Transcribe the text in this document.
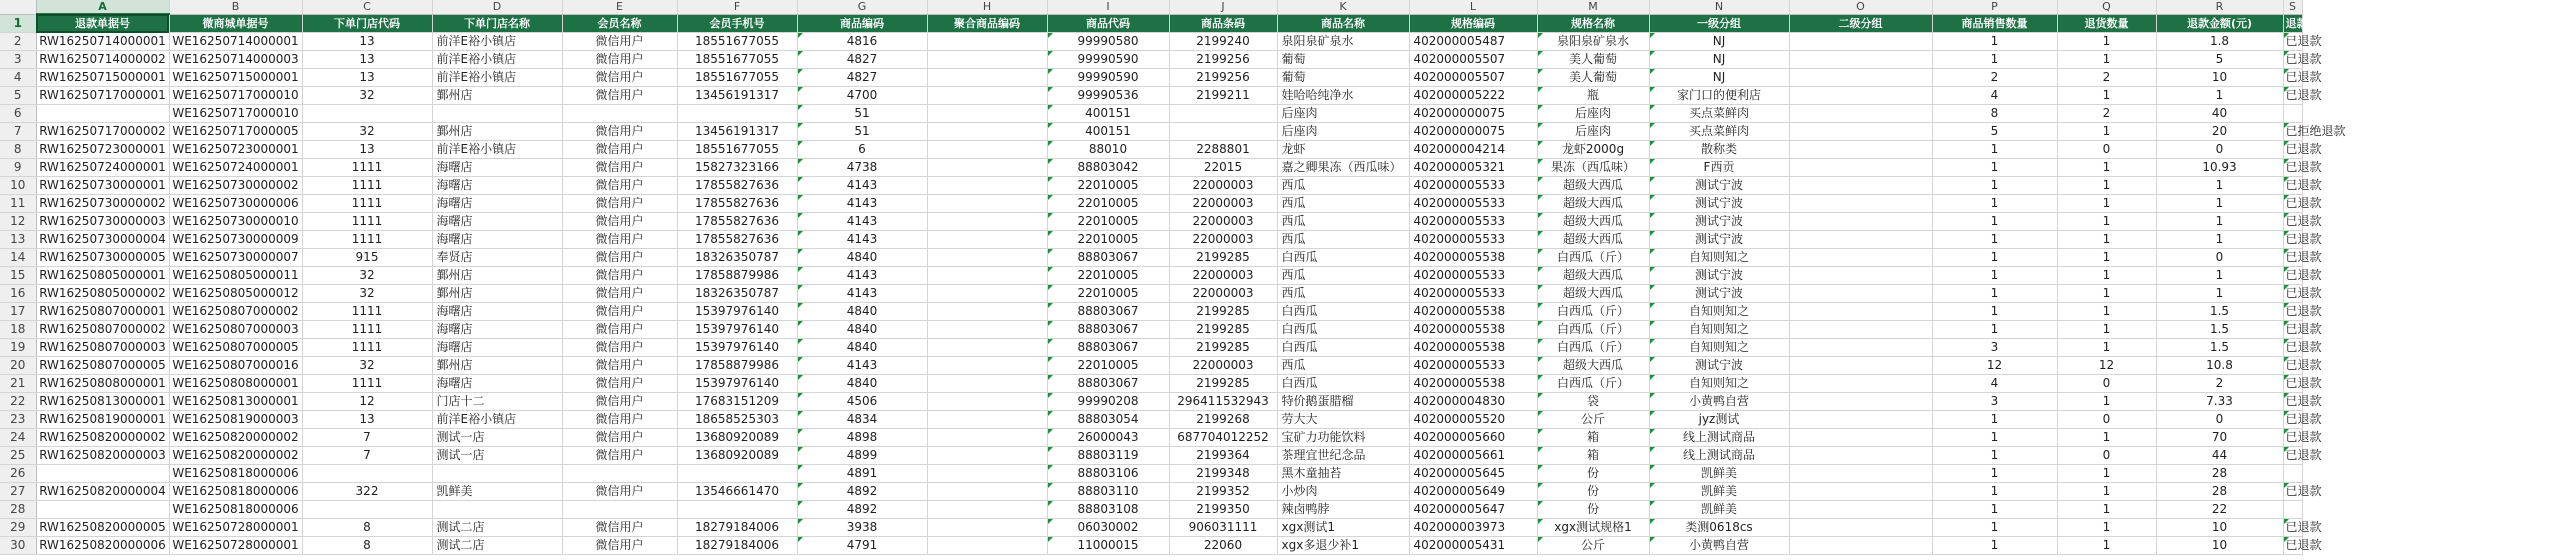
	A	B	C	D	E	F	G	H	I	J	K	L	M	N	O	P	Q	R	S
1	退款单据号	微商城单据号	下单门店代码	下单门店名称	会员名称	会员手机号	商品编码	聚合商品编码	商品代码	商品条码	商品名称	规格编码	规格名称	一级分组	二级分组	商品销售数量	退货数量	退款金额(元)	退款状
2	RW16250714000001	WE16250714000001	13	前洋E裕小镇店	微信用户	18551677055	4816		99990580	2199240	泉阳泉矿泉水	402000005487	泉阳泉矿泉水	NJ		1	1	1.8	已退款
3	RW16250714000002	WE16250714000003	13	前洋E裕小镇店	微信用户	18551677055	4827		99990590	2199256	葡萄	402000005507	美人葡萄	NJ		1	1	5	已退款
4	RW16250715000001	WE16250715000001	13	前洋E裕小镇店	微信用户	18551677055	4827		99990590	2199256	葡萄	402000005507	美人葡萄	NJ		2	2	10	已退款
5	RW16250717000001	WE16250717000010	32	鄞州店	微信用户	13456191317	4700		99990536	2199211	娃哈哈纯净水	402000005222	瓶	家门口的便利店		4	1	1	已退款
6		WE16250717000010					51		400151		后座肉	402000000075	后座肉	买点菜鲜肉		8	2	40	
7	RW16250717000002	WE16250717000005	32	鄞州店	微信用户	13456191317	51		400151		后座肉	402000000075	后座肉	买点菜鲜肉		5	1	20	已拒绝退款
8	RW16250723000001	WE16250723000001	13	前洋E裕小镇店	微信用户	18551677055	6		88010	2288801	龙虾	402000004214	龙虾2000g	散称类		1	0	0	已退款
9	RW16250724000001	WE16250724000001	1111	海曙店	微信用户	15827323166	4738		88803042	22015	嘉之卿果冻（西瓜味）	402000005321	果冻（西瓜味）	F西贡		1	1	10.93	已退款
10	RW16250730000001	WE16250730000002	1111	海曙店	微信用户	17855827636	4143		22010005	22000003	西瓜	402000005533	超级大西瓜	测试宁波		1	1	1	已退款
11	RW16250730000002	WE16250730000006	1111	海曙店	微信用户	17855827636	4143		22010005	22000003	西瓜	402000005533	超级大西瓜	测试宁波		1	1	1	已退款
12	RW16250730000003	WE16250730000010	1111	海曙店	微信用户	17855827636	4143		22010005	22000003	西瓜	402000005533	超级大西瓜	测试宁波		1	1	1	已退款
13	RW16250730000004	WE16250730000009	1111	海曙店	微信用户	17855827636	4143		22010005	22000003	西瓜	402000005533	超级大西瓜	测试宁波		1	1	1	已退款
14	RW16250730000005	WE16250730000007	915	奉贤店	微信用户	18326350787	4840		88803067	2199285	白西瓜	402000005538	白西瓜（斤）	自知则知之		1	1	0	已退款
15	RW16250805000001	WE16250805000011	32	鄞州店	微信用户	17858879986	4143		22010005	22000003	西瓜	402000005533	超级大西瓜	测试宁波		1	1	1	已退款
16	RW16250805000002	WE16250805000012	32	鄞州店	微信用户	18326350787	4143		22010005	22000003	西瓜	402000005533	超级大西瓜	测试宁波		1	1	1	已退款
17	RW16250807000001	WE16250807000002	1111	海曙店	微信用户	15397976140	4840		88803067	2199285	白西瓜	402000005538	白西瓜（斤）	自知则知之		1	1	1.5	已退款
18	RW16250807000002	WE16250807000003	1111	海曙店	微信用户	15397976140	4840		88803067	2199285	白西瓜	402000005538	白西瓜（斤）	自知则知之		1	1	1.5	已退款
19	RW16250807000003	WE16250807000005	1111	海曙店	微信用户	15397976140	4840		88803067	2199285	白西瓜	402000005538	白西瓜（斤）	自知则知之		3	1	1.5	已退款
20	RW16250807000005	WE16250807000016	32	鄞州店	微信用户	17858879986	4143		22010005	22000003	西瓜	402000005533	超级大西瓜	测试宁波		12	12	10.8	已退款
21	RW16250808000001	WE16250808000001	1111	海曙店	微信用户	15397976140	4840		88803067	2199285	白西瓜	402000005538	白西瓜（斤）	自知则知之		4	0	2	已退款
22	RW16250813000001	WE16250813000001	12	门店十二	微信用户	17683151209	4506		99990208	296411532943	特价鹅蛋腊榴	402000004830	袋	小黄鸭自营		3	1	7.33	已退款
23	RW16250819000001	WE16250819000003	13	前洋E裕小镇店	微信用户	18658525303	4834		88803054	2199268	劳大大	402000005520	公斤	jyz测试		1	0	0	已退款
24	RW16250820000002	WE16250820000002	7	测试一店	微信用户	13680920089	4898		26000043	687704012252	宝矿力功能饮料	402000005660	箱	线上测试商品		1	1	70	已退款
25	RW16250820000003	WE16250820000002	7	测试一店	微信用户	13680920089	4899		88803119	2199364	茶理宜世纪念品	402000005661	箱	线上测试商品		1	0	44	已退款
26		WE16250818000006					4891		88803106	2199348	黑木童抽苔	402000005645	份	凯鲜美		1	1	28	
27	RW16250820000004	WE16250818000006	322	凯鲜美	微信用户	13546661470	4892		88803110	2199352	小炒肉	402000005649	份	凯鲜美		1	1	28	已退款
28		WE16250818000006					4892		88803108	2199350	辣卤鸭脖	402000005647	份	凯鲜美		1	1	22	
29	RW16250820000005	WE16250728000001	8	测试二店	微信用户	18279184006	3938		06030002	906031111	xgx测试1	402000003973	xgx测试规格1	类测0618cs		1	1	10	已退款
30	RW16250820000006	WE16250728000001	8	测试二店	微信用户	18279184006	4791		11000015	22060	xgx多退少补1	402000005431	公斤	小黄鸭自营		1	1	10	已退款
